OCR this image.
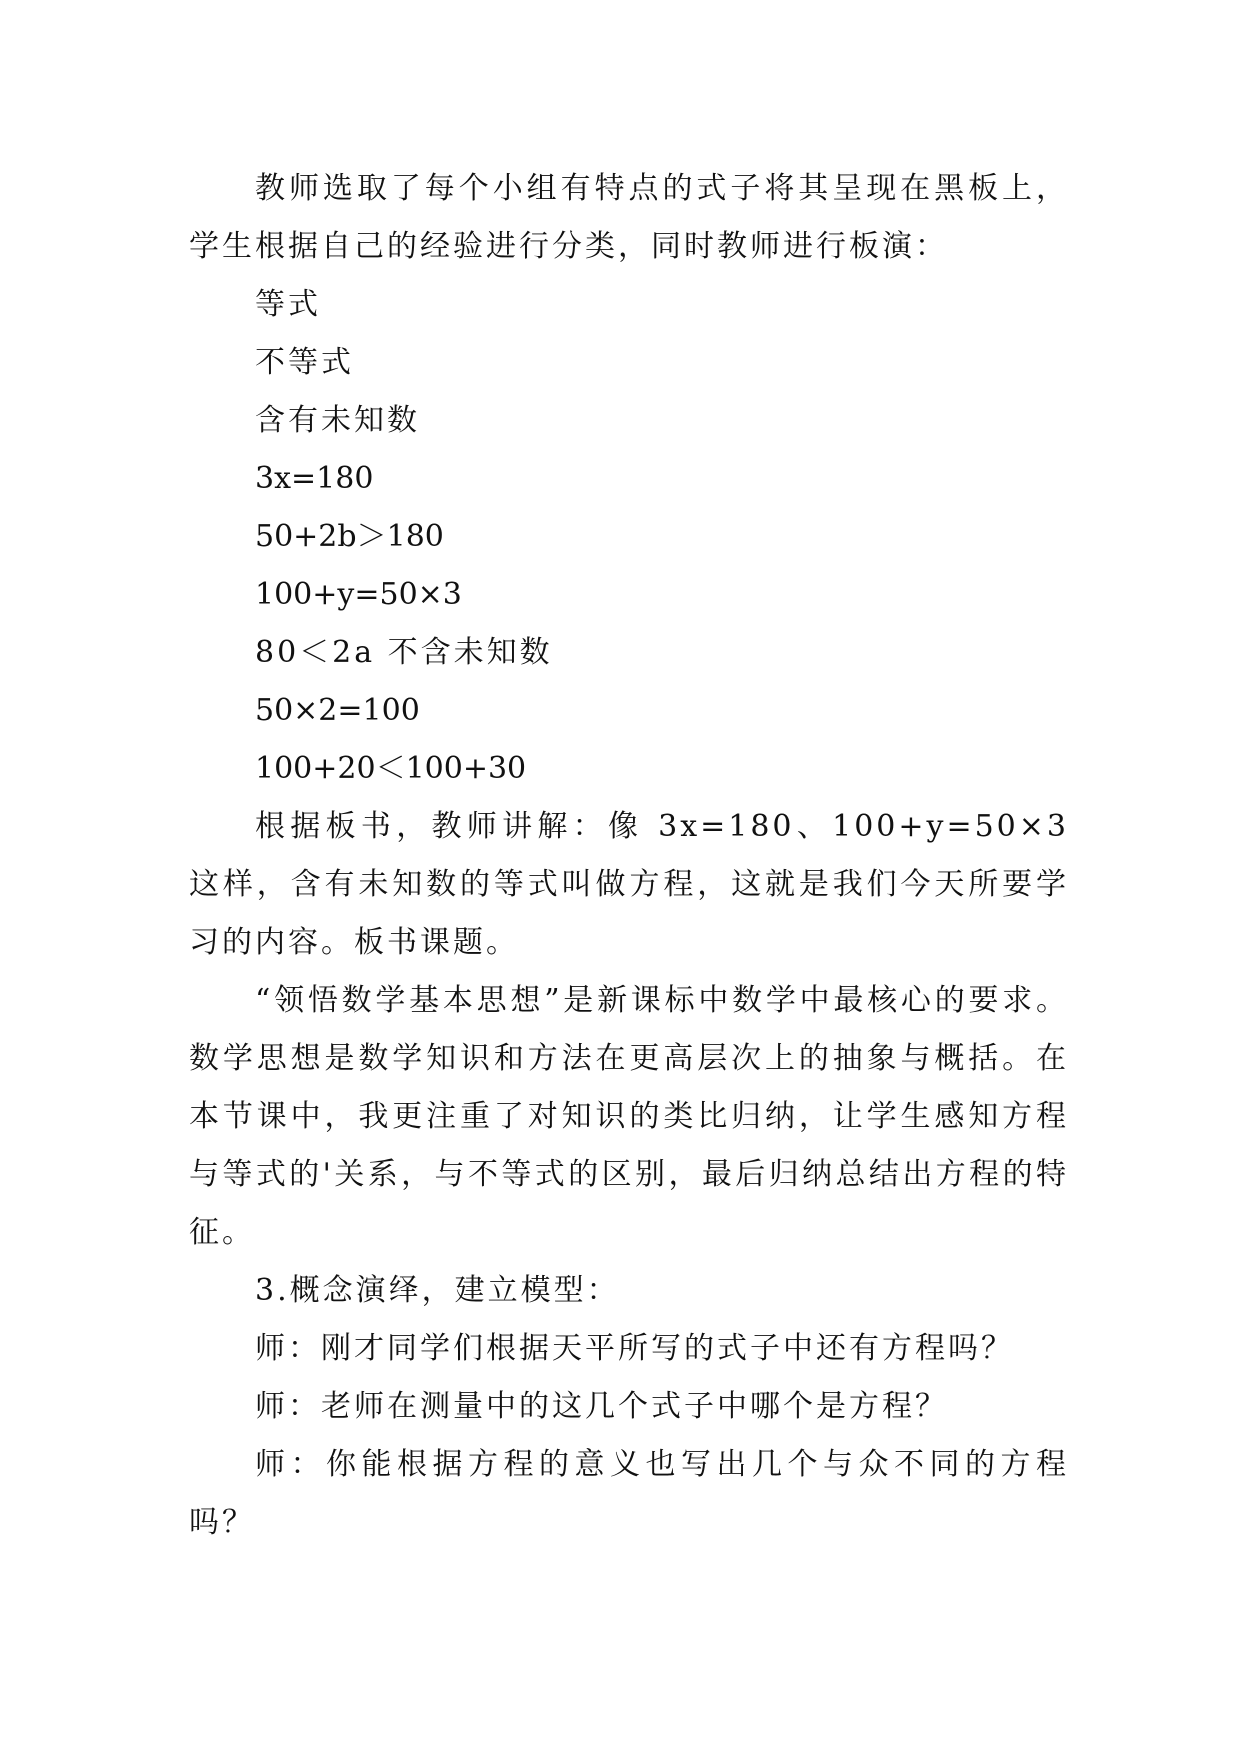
教师选取了每个小组有特点的式子将其呈现在黑板上，学生根据自己的经验进行分类，同时教师进行板演：

等式

不等式

含有未知数

3x=180

50+2b＞180

100+y=50×3

80＜2a 不含未知数

50×2=100

100+20＜100+30

根据板书，教师讲解：像 3x=180、100+y=50×3 这样，含有未知数的等式叫做方程，这就是我们今天所要学习的内容。板书课题。

“领悟数学基本思想”是新课标中数学中最核心的要求。数学思想是数学知识和方法在更高层次上的抽象与概括。在本节课中，我更注重了对知识的类比归纳，让学生感知方程与等式的'关系，与不等式的区别，最后归纳总结出方程的特征。

3.概念演绎，建立模型：

师：刚才同学们根据天平所写的式子中还有方程吗？

师：老师在测量中的这几个式子中哪个是方程？

师：你能根据方程的意义也写出几个与众不同的方程吗？
